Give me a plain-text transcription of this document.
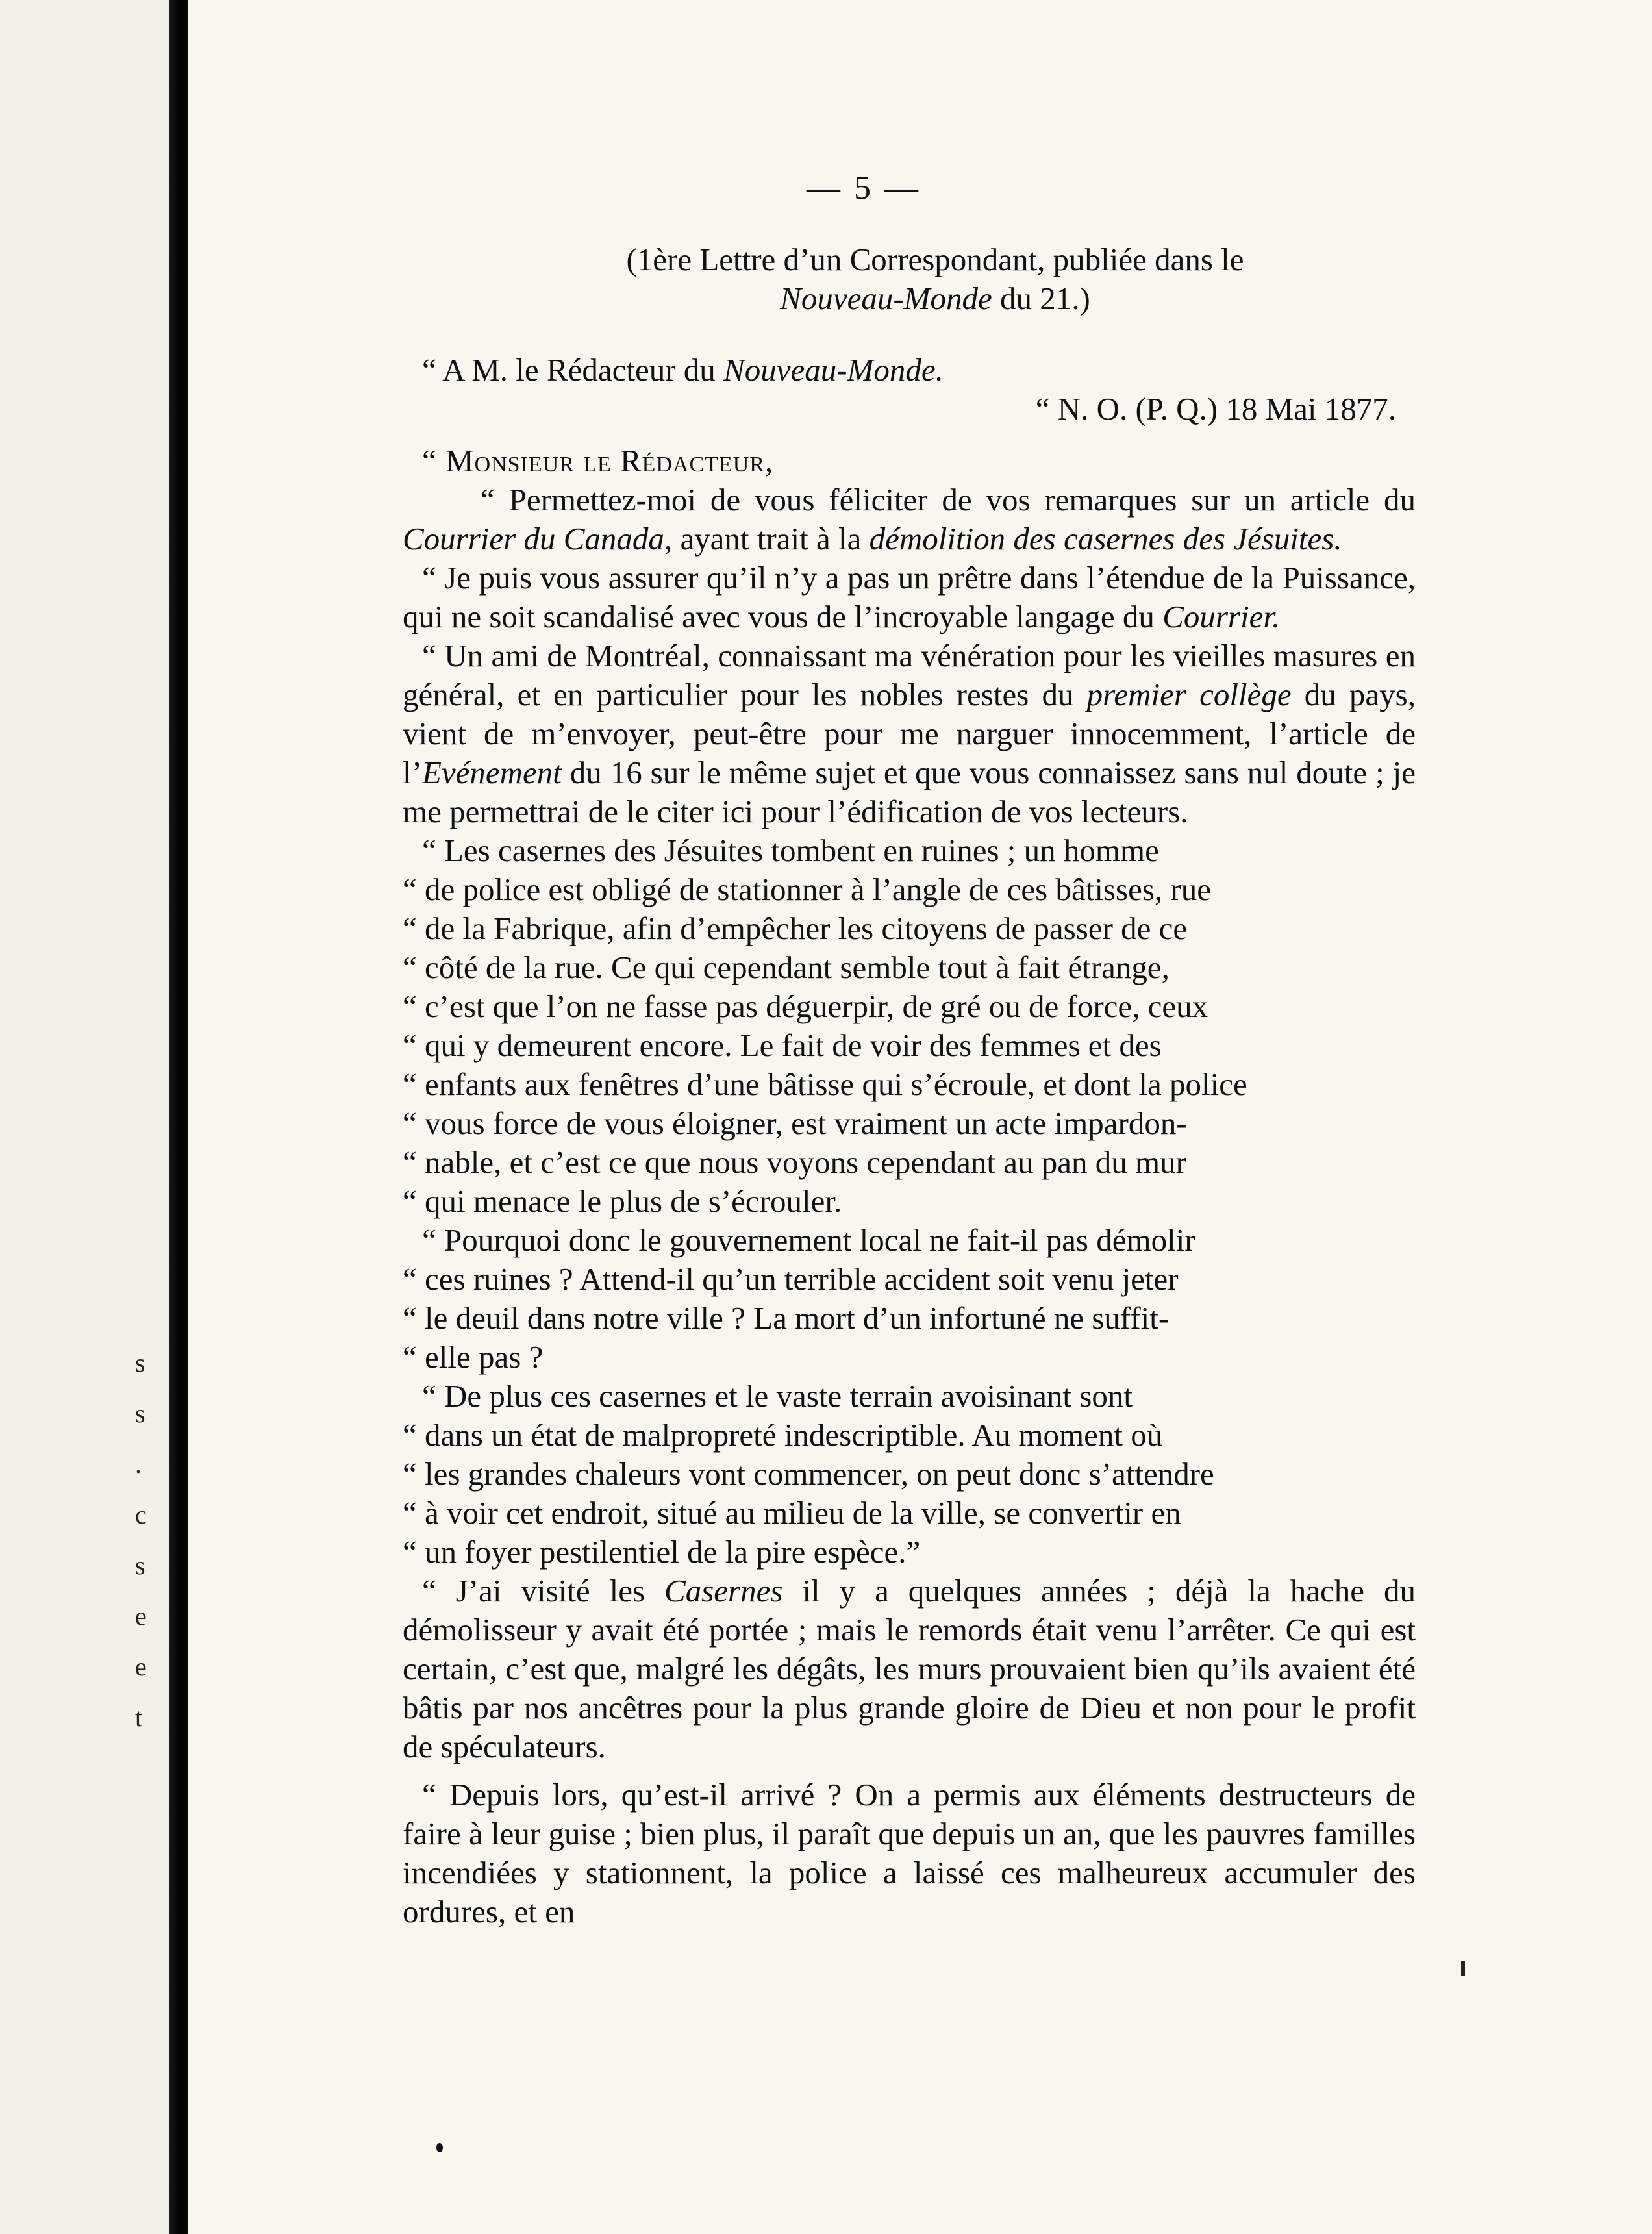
s
s
.
c
s
e
e
t
— 5 —
(1ère Lettre d’un Correspondant, publiée dans le
Nouveau-Monde du 21.)

“ A M. le Rédacteur du Nouveau-Monde.

“ N. O. (P. Q.) 18 Mai 1877.

“ Monsieur le Rédacteur,

“ Permettez-moi de vous féliciter de vos remarques sur un article du Courrier du Canada, ayant trait à la démolition des casernes des Jésuites.

“ Je puis vous assurer qu’il n’y a pas un prêtre dans l’étendue de la Puissance, qui ne soit scandalisé avec vous de l’incroyable langage du Courrier.

“ Un ami de Montréal, connaissant ma vénération pour les vieilles masures en général, et en particulier pour les nobles restes du premier collège du pays, vient de m’envoyer, peut-être pour me narguer innocemment, l’article de l’Evénement du 16 sur le même sujet et que vous connaissez sans nul doute ; je me permettrai de le citer ici pour l’édification de vos lecteurs.

“ Les casernes des Jésuites tombent en ruines ; un homme
“ de police est obligé de stationner à l’angle de ces bâtisses, rue
“ de la Fabrique, afin d’empêcher les citoyens de passer de ce
“ côté de la rue. Ce qui cependant semble tout à fait étrange,
“ c’est que l’on ne fasse pas déguerpir, de gré ou de force, ceux
“ qui y demeurent encore. Le fait de voir des femmes et des
“ enfants aux fenêtres d’une bâtisse qui s’écroule, et dont la police
“ vous force de vous éloigner, est vraiment un acte impardon-
“ nable, et c’est ce que nous voyons cependant au pan du mur
“ qui menace le plus de s’écrouler.
“ Pourquoi donc le gouvernement local ne fait-il pas démolir
“ ces ruines ? Attend-il qu’un terrible accident soit venu jeter
“ le deuil dans notre ville ? La mort d’un infortuné ne suffit-
“ elle pas ?
“ De plus ces casernes et le vaste terrain avoisinant sont
“ dans un état de malpropreté indescriptible. Au moment où
“ les grandes chaleurs vont commencer, on peut donc s’attendre
“ à voir cet endroit, situé au milieu de la ville, se convertir en
“ un foyer pestilentiel de la pire espèce.”

“ J’ai visité les Casernes il y a quelques années ; déjà la hache du démolisseur y avait été portée ; mais le remords était venu l’arrêter. Ce qui est certain, c’est que, malgré les dégâts, les murs prouvaient bien qu’ils avaient été bâtis par nos ancêtres pour la plus grande gloire de Dieu et non pour le profit de spéculateurs.

“ Depuis lors, qu’est-il arrivé ? On a permis aux éléments destructeurs de faire à leur guise ; bien plus, il paraît que depuis un an, que les pauvres familles incendiées y stationnent, la police a laissé ces malheureux accumuler des ordures, et en
